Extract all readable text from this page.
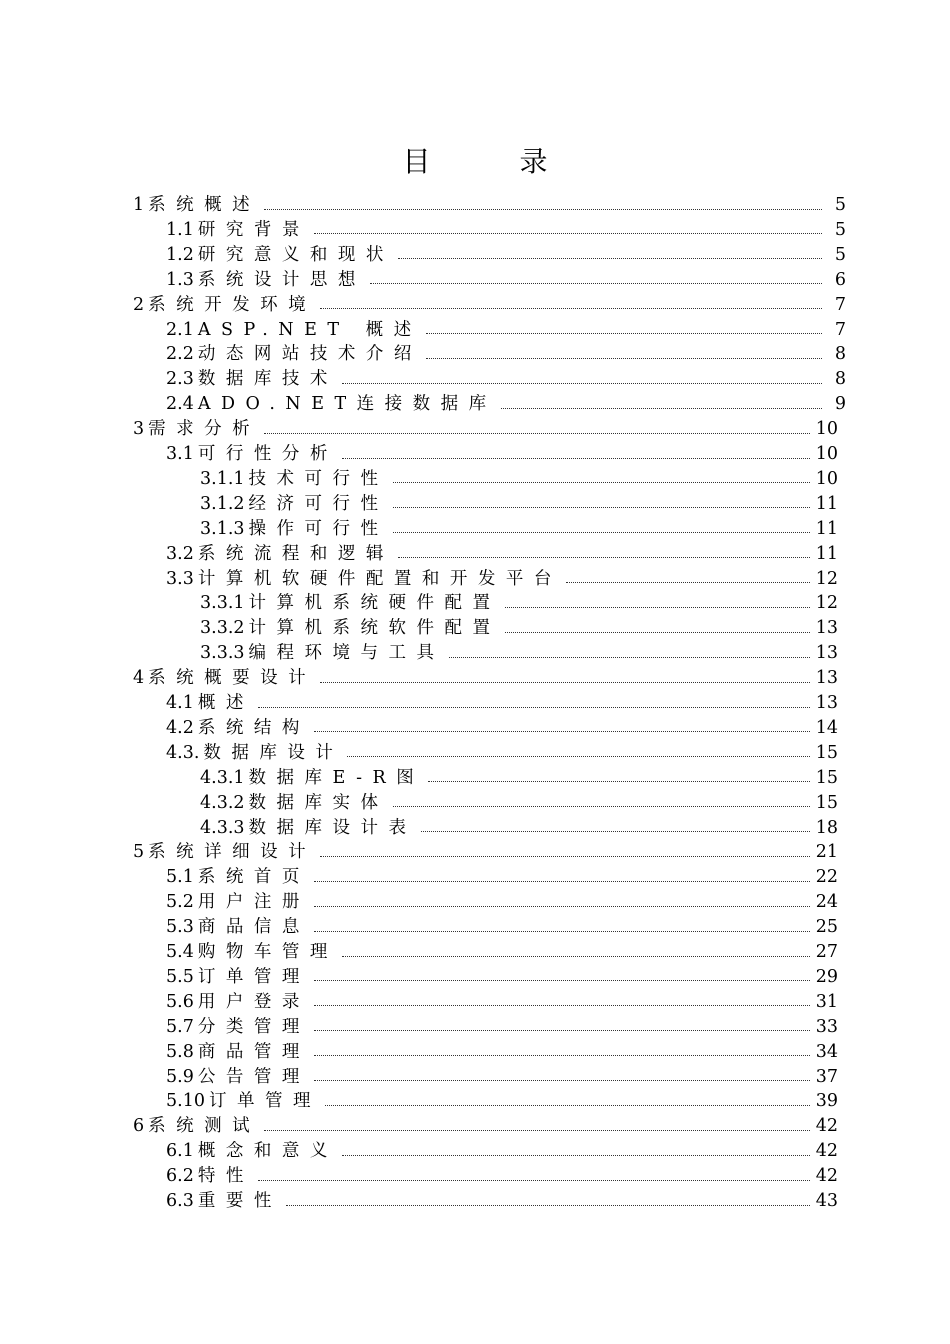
目 录
1 系统概述	5
1.1 研究背景	5
1.2 研究意义和现状	5
1.3 系统设计思想	6
2 系统开发环境	7
2.1 ASP.NET 概述	7
2.2 动态网站技术介绍	8
2.3 数据库技术	8
2.4 ADO.NET连接数据库	9
3 需求分析	10
3.1 可行性分析	10
3.1.1 技术可行性	10
3.1.2 经济可行性	11
3.1.3 操作可行性	11
3.2 系统流程和逻辑	11
3.3 计算机软硬件配置和开发平台	12
3.3.1 计算机系统硬件配置	12
3.3.2 计算机系统软件配置	13
3.3.3 编程环境与工具	13
4 系统概要设计	13
4.1 概述	13
4.2 系统结构	14
4.3. 数据库设计	15
4.3.1 数据库E-R图	15
4.3.2 数据库实体	15
4.3.3 数据库设计表	18
5 系统详细设计	21
5.1 系统首页	22
5.2 用户注册	24
5.3 商品信息	25
5.4 购物车管理	27
5.5 订单管理	29
5.6 用户登录	31
5.7 分类管理	33
5.8 商品管理	34
5.9 公告管理	37
5.10 订单管理	39
6 系统测试	42
6.1 概念和意义	42
6.2 特性	42
6.3 重要性	43
